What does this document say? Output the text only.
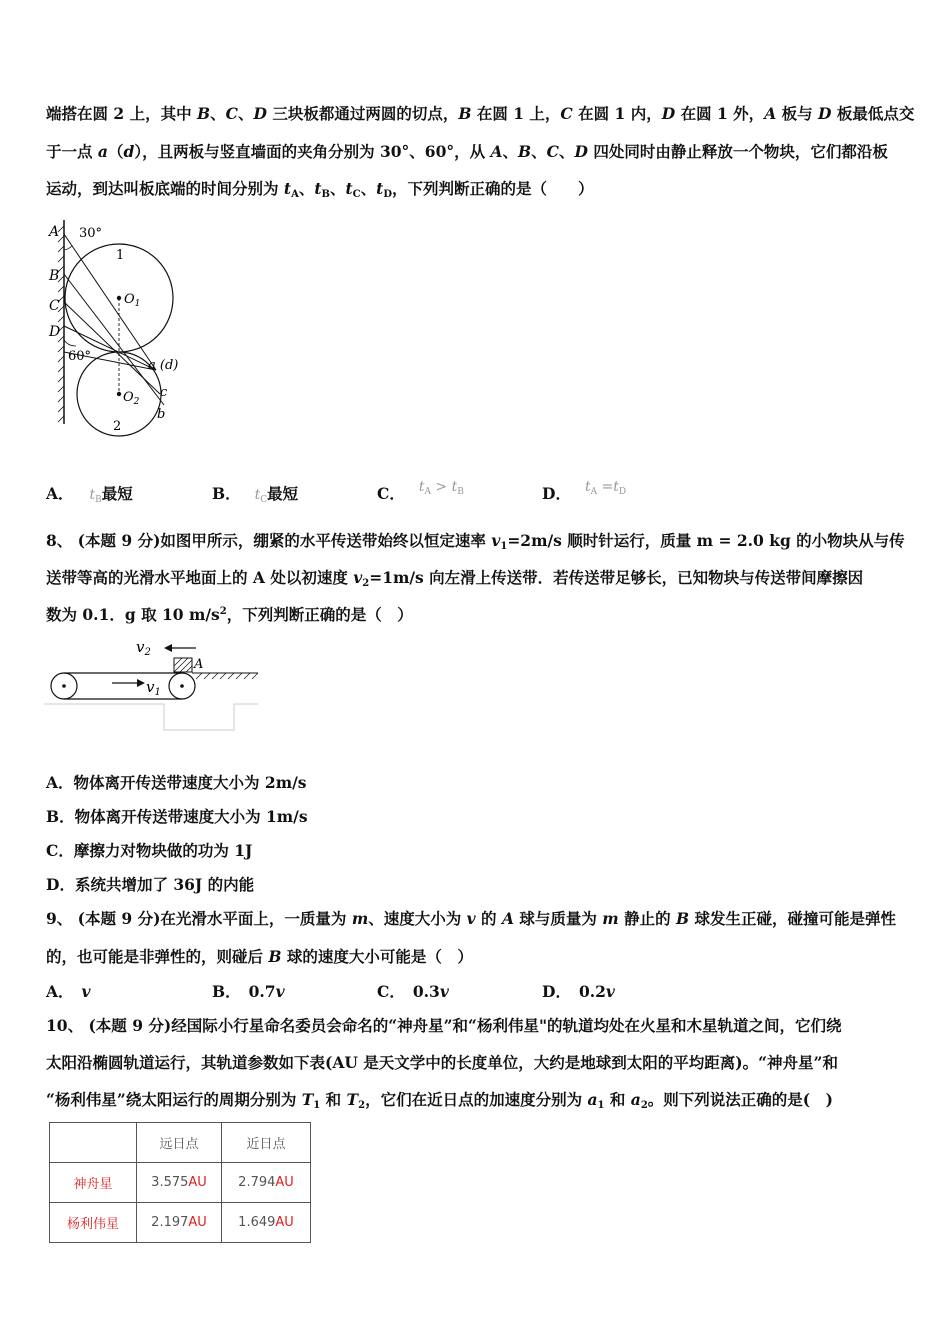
端搭在圆 2 上，其中 B、C、D 三块板都通过两圆的切点，B 在圆 1 上，C 在圆 1 内，D 在圆 1 外，A 板与 D 板最低点交
于一点 a（d），且两板与竖直墙面的夹角分别为 30°、60°，从 A、B、C、D 四处同时由静止释放一个物块，它们都沿板
运动，到达叫板底端的时间分别为 $t_A$、$t_B$、$t_C$、$t_D$，下列判断正确的是（　　）
A 30°
1
B
C
D
$O_1$
60°
a (d)
c
$O_2$
b
2
A． $t_B$最短	B． $t_C$最短	C． $t_A > t_B$	D． $t_A =t_D$
8、 (本题 9 分)如图甲所示，绷紧的水平传送带始终以恒定速率 $v_1=2m/s$ 顺时针运行，质量 m = 2.0 kg 的小物块从与传
送带等高的光滑水平地面上的 A 处以初速度 $v_2=1m/s$ 向左滑上传送带．若传送带足够长，已知物块与传送带间摩擦因
数为 0.1．g 取 10 $m/s^2$，下列判断正确的是（　）
$v_2$
A
$v_1$
A．物体离开传送带速度大小为 2m/s
B．物体离开传送带速度大小为 1m/s
C．摩擦力对物块做的功为 1J
D．系统共增加了 36J 的内能
9、 (本题 9 分)在光滑水平面上，一质量为 m、速度大小为 v 的 A 球与质量为 m 静止的 B 球发生正碰，碰撞可能是弹性
的，也可能是非弹性的，则碰后 B 球的速度大小可能是（　）
A． v	B． 0.7v	C． 0.3v	D． 0.2v
10、 (本题 9 分)经国际小行星命名委员会命名的“神舟星”和“杨利伟星"的轨道均处在火星和木星轨道之间，它们绕
太阳沿椭圆轨道运行，其轨道参数如下表(AU 是天文学中的长度单位，大约是地球到太阳的平均距离)。“神舟星”和
“杨利伟星”绕太阳运行的周期分别为 $T_1$ 和 $T_2$，它们在近日点的加速度分别为 $a_1$ 和 $a_2$。则下列说法正确的是(　)
	远日点	近日点
神舟星	3.575AU	2.794AU
杨利伟星	2.197AU	1.649AU
